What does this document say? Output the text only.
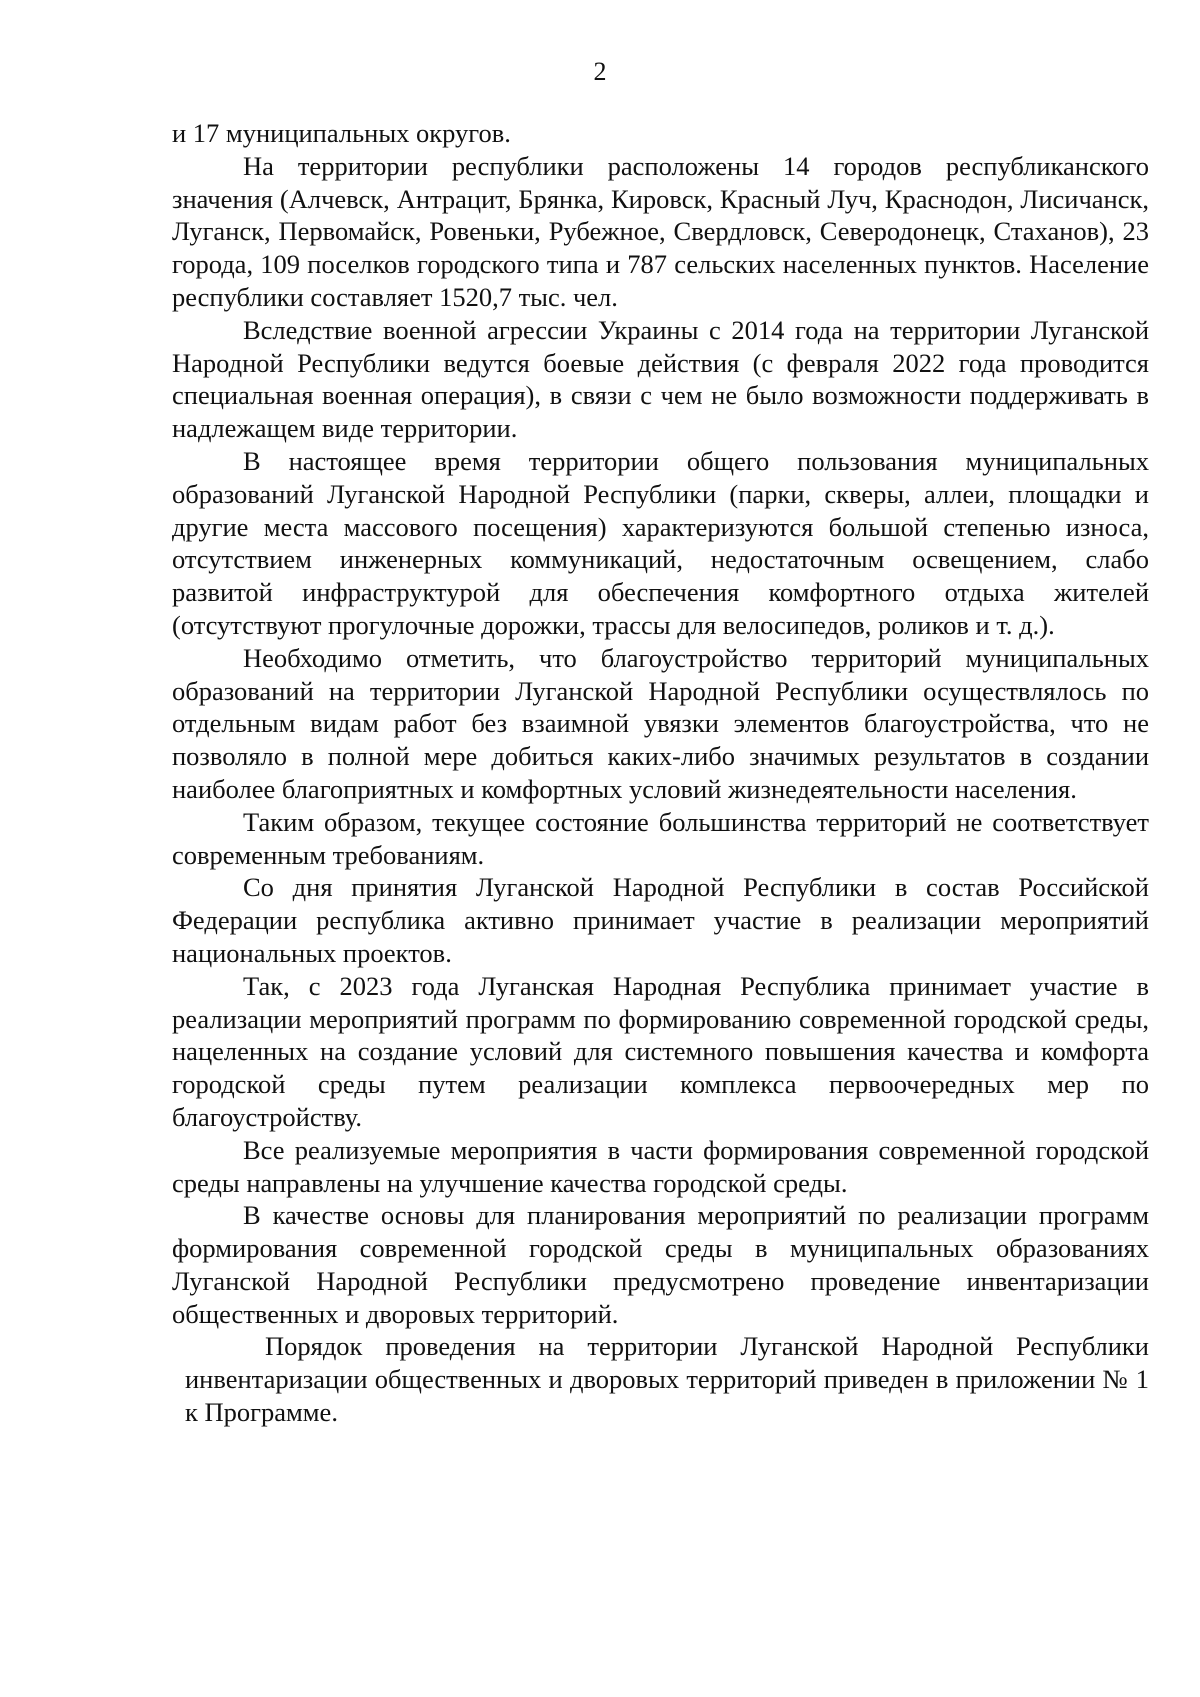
2

и 17 муниципальных округов.

На территории республики расположены 14 городов республиканского значения (Алчевск, Антрацит, Брянка, Кировск, Красный Луч, Краснодон, Лисичанск, Луганск, Первомайск, Ровеньки, Рубежное, Свердловск, Северодонецк, Стаханов), 23 города, 109 поселков городского типа и 787 сельских населенных пунктов. Население республики составляет 1520,7 тыс. чел.

Вследствие военной агрессии Украины с 2014 года на территории Луганской Народной Республики ведутся боевые действия (с февраля 2022 года проводится специальная военная операция), в связи с чем не было возможности поддерживать в надлежащем виде территории.

В настоящее время территории общего пользования муниципальных образований Луганской Народной Республики (парки, скверы, аллеи, площадки и другие места массового посещения) характеризуются большой степенью износа, отсутствием инженерных коммуникаций, недостаточным освещением, слабо развитой инфраструктурой для обеспечения комфортного отдыха жителей (отсутствуют прогулочные дорожки, трассы для велосипедов, роликов и т. д.).

Необходимо отметить, что благоустройство территорий муниципальных образований на территории Луганской Народной Республики осуществлялось по отдельным видам работ без взаимной увязки элементов благоустройства, что не позволяло в полной мере добиться каких-либо значимых результатов в создании наиболее благоприятных и комфортных условий жизнедеятельности населения.

Таким образом, текущее состояние большинства территорий не соответствует современным требованиям.

Со дня принятия Луганской Народной Республики в состав Российской Федерации республика активно принимает участие в реализации мероприятий национальных проектов.

Так, с 2023 года Луганская Народная Республика принимает участие в реализации мероприятий программ по формированию современной городской среды, нацеленных на создание условий для системного повышения качества и комфорта городской среды путем реализации комплекса первоочередных мер по благоустройству.

Все реализуемые мероприятия в части формирования современной городской среды направлены на улучшение качества городской среды.

В качестве основы для планирования мероприятий по реализации программ формирования современной городской среды в муниципальных образованиях Луганской Народной Республики предусмотрено проведение инвентаризации общественных и дворовых территорий.

Порядок проведения на территории Луганской Народной Республики инвентаризации общественных и дворовых территорий приведен в приложении № 1 к Программе.
